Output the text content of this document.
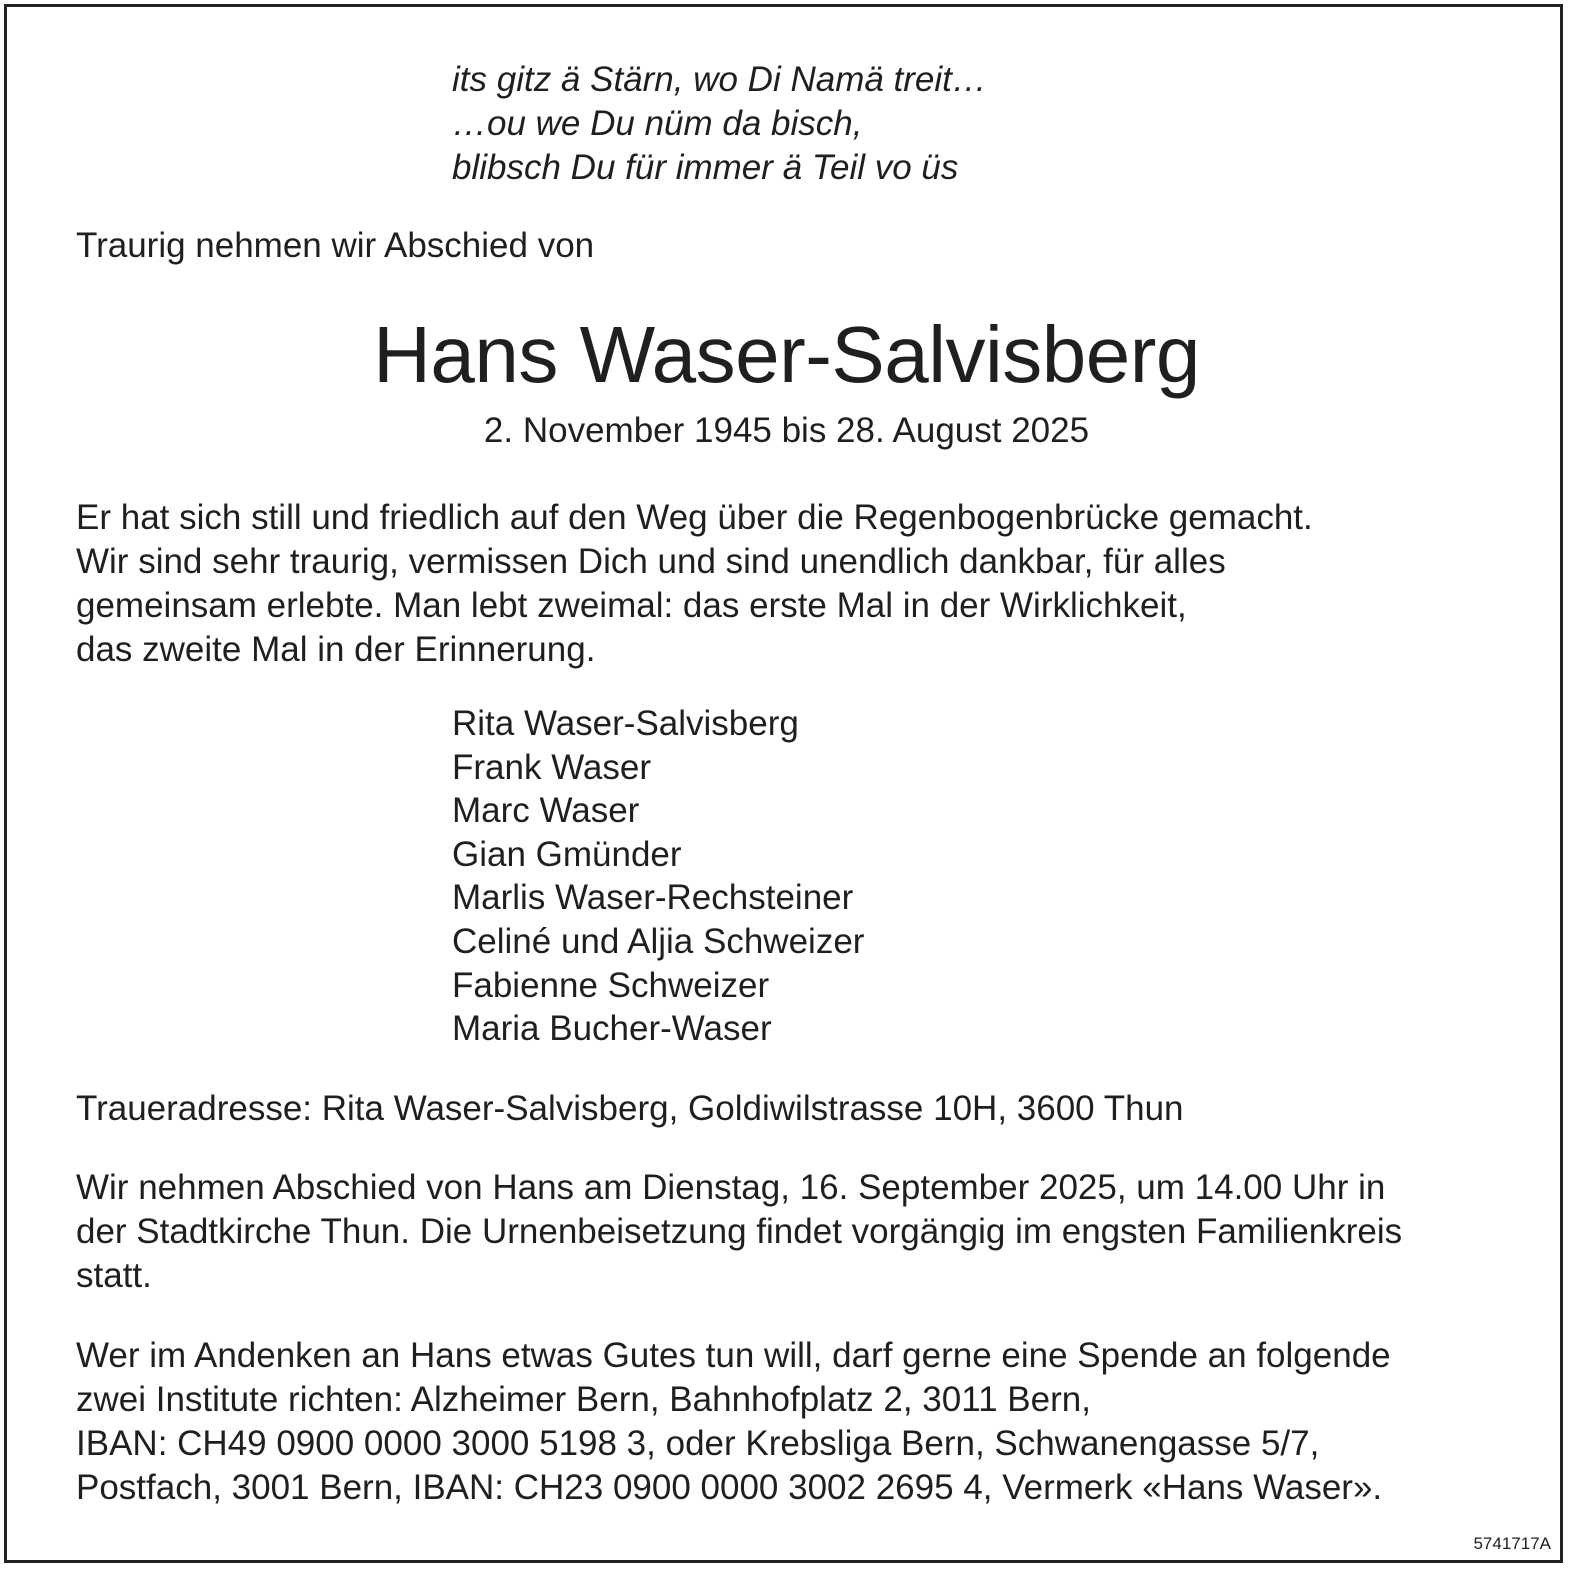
its gitz ä Stärn, wo Di Namä treit…
…ou we Du nüm da bisch,
blibsch Du für immer ä Teil vo üs
Traurig nehmen wir Abschied von
Hans Waser-Salvisberg
2. November 1945 bis 28. August 2025
Er hat sich still und friedlich auf den Weg über die Regenbogenbrücke gemacht.
Wir sind sehr traurig, vermissen Dich und sind unendlich dankbar, für alles
gemeinsam erlebte. Man lebt zweimal: das erste Mal in der Wirklichkeit,
das zweite Mal in der Erinnerung.
Rita Waser-Salvisberg
Frank Waser
Marc Waser
Gian Gmünder
Marlis Waser-Rechsteiner
Celiné und Aljia Schweizer
Fabienne Schweizer
Maria Bucher-Waser
Traueradresse: Rita Waser-Salvisberg, Goldiwilstrasse 10H, 3600 Thun
Wir nehmen Abschied von Hans am Dienstag, 16. September 2025, um 14.00 Uhr in
der Stadtkirche Thun. Die Urnenbeisetzung findet vorgängig im engsten Familienkreis
statt.
Wer im Andenken an Hans etwas Gutes tun will, darf gerne eine Spende an folgende
zwei Institute richten: Alzheimer Bern, Bahnhofplatz 2, 3011 Bern,
IBAN: CH49 0900 0000 3000 5198 3, oder Krebsliga Bern, Schwanengasse 5/7,
Postfach, 3001 Bern, IBAN: CH23 0900 0000 3002 2695 4, Vermerk «Hans Waser».
5741717A
